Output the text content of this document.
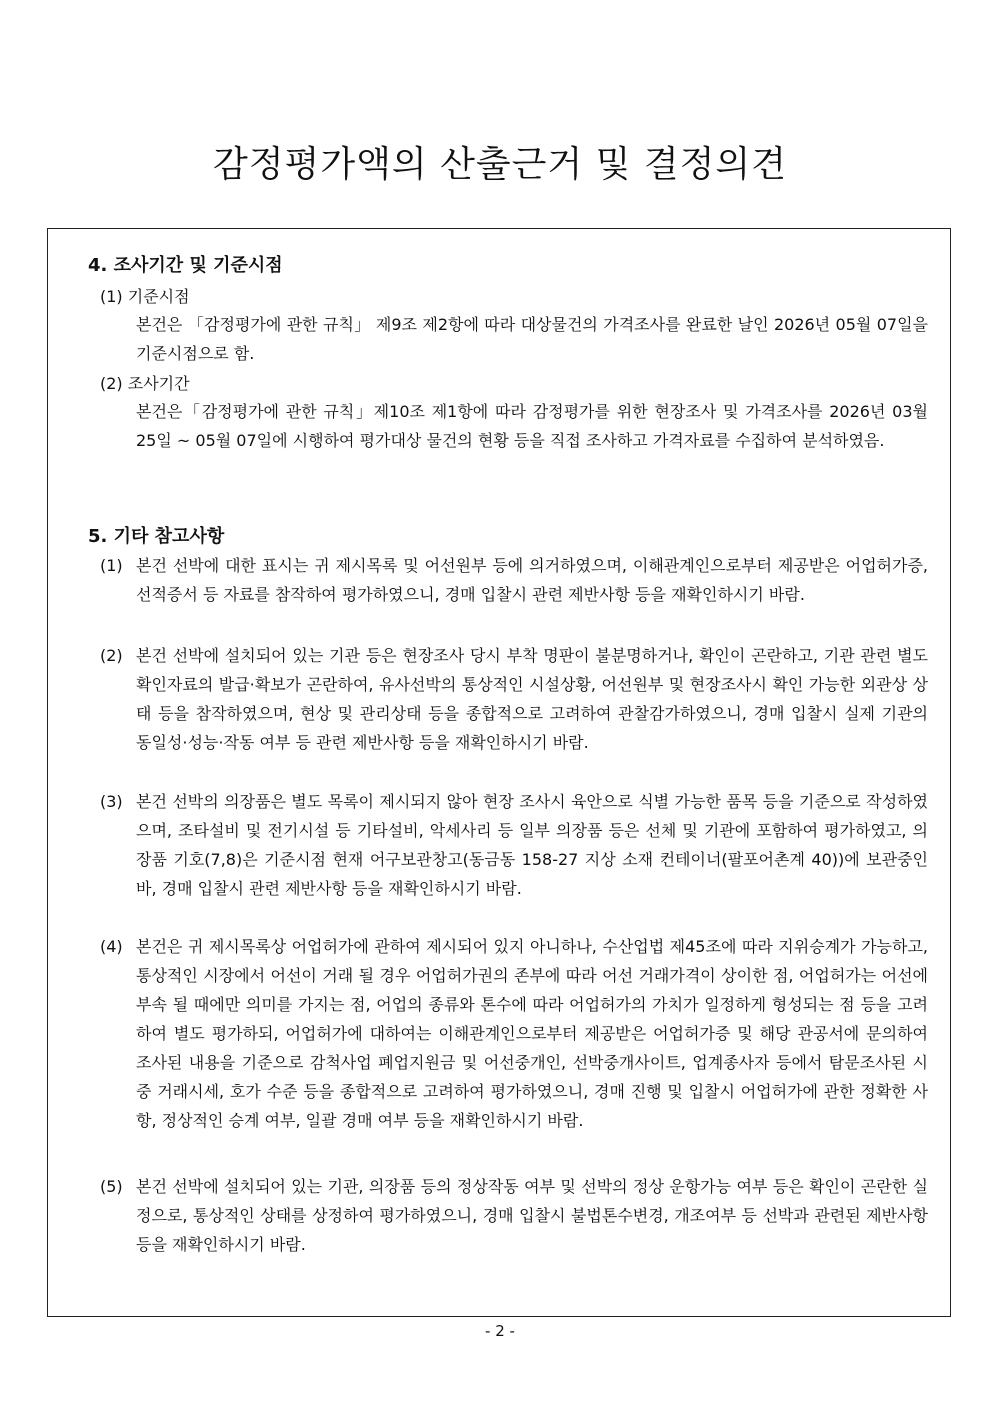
감정평가액의 산출근거 및 결정의견
4. 조사기간 및 기준시점

(1) 기준시점

본건은 「감정평가에 관한 규칙」 제9조 제2항에 따라 대상물건의 가격조사를 완료한 날인 2026년 05월 07일을 기준시점으로 함.

(2) 조사기간

본건은「감정평가에 관한 규칙」제10조 제1항에 따라 감정평가를 위한 현장조사 및 가격조사를 2026년 03월 25일 ~ 05월 07일에 시행하여 평가대상 물건의 현황 등을 직접 조사하고 가격자료를 수집하여 분석하였음.

5. 기타 참고사항
(1) 본건 선박에 대한 표시는 귀 제시목록 및 어선원부 등에 의거하였으며, 이해관계인으로부터 제공받은 어업허가증, 선적증서 등 자료를 참작하여 평가하였으니, 경매 입찰시 관련 제반사항 등을 재확인하시기 바람.
(2) 본건 선박에 설치되어 있는 기관 등은 현장조사 당시 부착 명판이 불분명하거나, 확인이 곤란하고, 기관 관련 별도 확인자료의 발급·확보가 곤란하여, 유사선박의 통상적인 시설상황, 어선원부 및 현장조사시 확인 가능한 외관상 상태 등을 참작하였으며, 현상 및 관리상태 등을 종합적으로 고려하여 관찰감가하였으니, 경매 입찰시 실제 기관의 동일성·성능·작동 여부 등 관련 제반사항 등을 재확인하시기 바람.
(3) 본건 선박의 의장품은 별도 목록이 제시되지 않아 현장 조사시 육안으로 식별 가능한 품목 등을 기준으로 작성하였으며, 조타설비 및 전기시설 등 기타설비, 악세사리 등 일부 의장품 등은 선체 및 기관에 포함하여 평가하였고, 의장품 기호(7,8)은 기준시점 현재 어구보관창고(동금동 158-27 지상 소재 컨테이너(팔포어촌계 40))에 보관중인 바, 경매 입찰시 관련 제반사항 등을 재확인하시기 바람.
(4) 본건은 귀 제시목록상 어업허가에 관하여 제시되어 있지 아니하나, 수산업법 제45조에 따라 지위승계가 가능하고, 통상적인 시장에서 어선이 거래 될 경우 어업허가권의 존부에 따라 어선 거래가격이 상이한 점, 어업허가는 어선에 부속 될 때에만 의미를 가지는 점, 어업의 종류와 톤수에 따라 어업허가의 가치가 일정하게 형성되는 점 등을 고려하여 별도 평가하되, 어업허가에 대하여는 이해관계인으로부터 제공받은 어업허가증 및 해당 관공서에 문의하여 조사된 내용을 기준으로 감척사업 폐업지원금 및 어선중개인, 선박중개사이트, 업계종사자 등에서 탐문조사된 시중 거래시세, 호가 수준 등을 종합적으로 고려하여 평가하였으니, 경매 진행 및 입찰시 어업허가에 관한 정확한 사항, 정상적인 승계 여부, 일괄 경매 여부 등을 재확인하시기 바람.
(5) 본건 선박에 설치되어 있는 기관, 의장품 등의 정상작동 여부 및 선박의 정상 운항가능 여부 등은 확인이 곤란한 실정으로, 통상적인 상태를 상정하여 평가하였으니, 경매 입찰시 불법톤수변경, 개조여부 등 선박과 관련된 제반사항 등을 재확인하시기 바람.
- 2 -
